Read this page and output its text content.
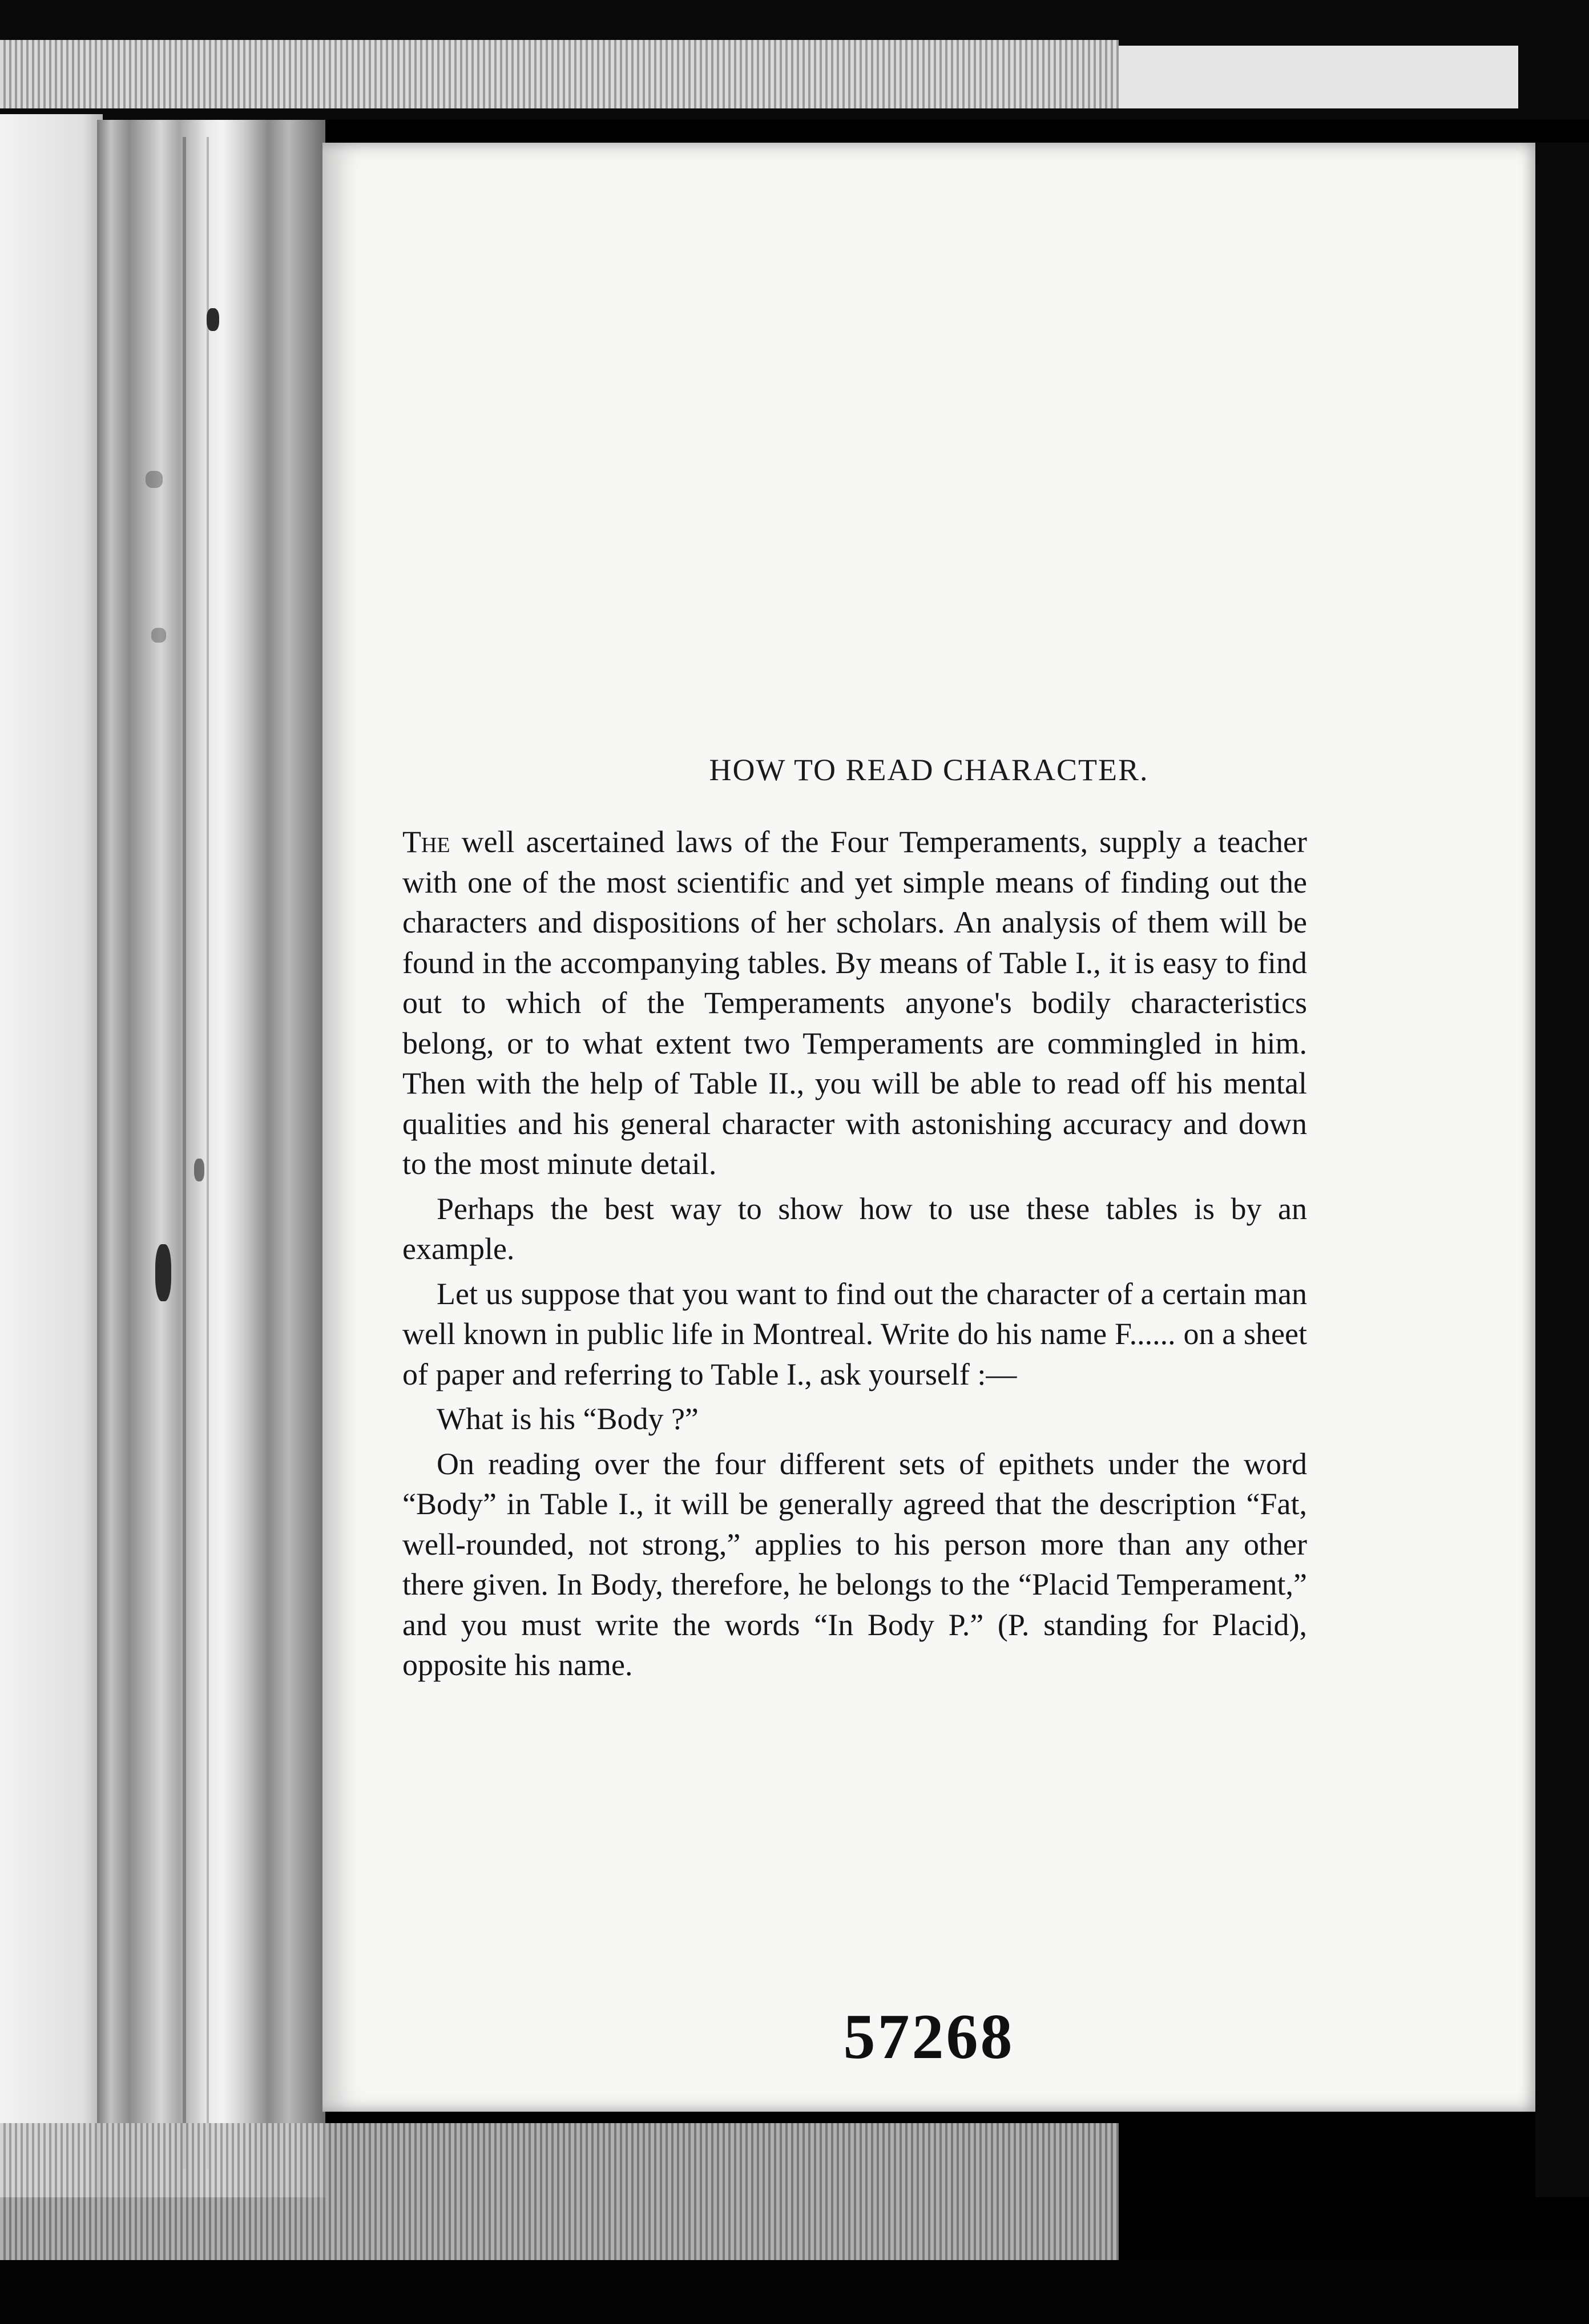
HOW TO READ CHARACTER.

The well ascertained laws of the Four Temperaments, supply a teacher with one of the most scientific and yet simple means of finding out the characters and dispositions of her scholars. An analysis of them will be found in the accompanying tables. By means of Table I., it is easy to find out to which of the Temperaments anyone's bodily characteristics belong, or to what extent two Temperaments are commingled in him. Then with the help of Table II., you will be able to read off his mental qualities and his general character with astonishing accuracy and down to the most minute detail.

Perhaps the best way to show how to use these tables is by an example.

Let us suppose that you want to find out the character of a certain man well known in public life in Montreal. Write do his name F...... on a sheet of paper and referring to Table I., ask yourself :—

What is his “Body ?”

On reading over the four different sets of epithets under the word “Body” in Table I., it will be generally agreed that the description “Fat, well-rounded, not strong,” applies to his person more than any other there given. In Body, therefore, he belongs to the “Placid Temperament,” and you must write the words “In Body P.” (P. standing for Placid), opposite his name.

57268
